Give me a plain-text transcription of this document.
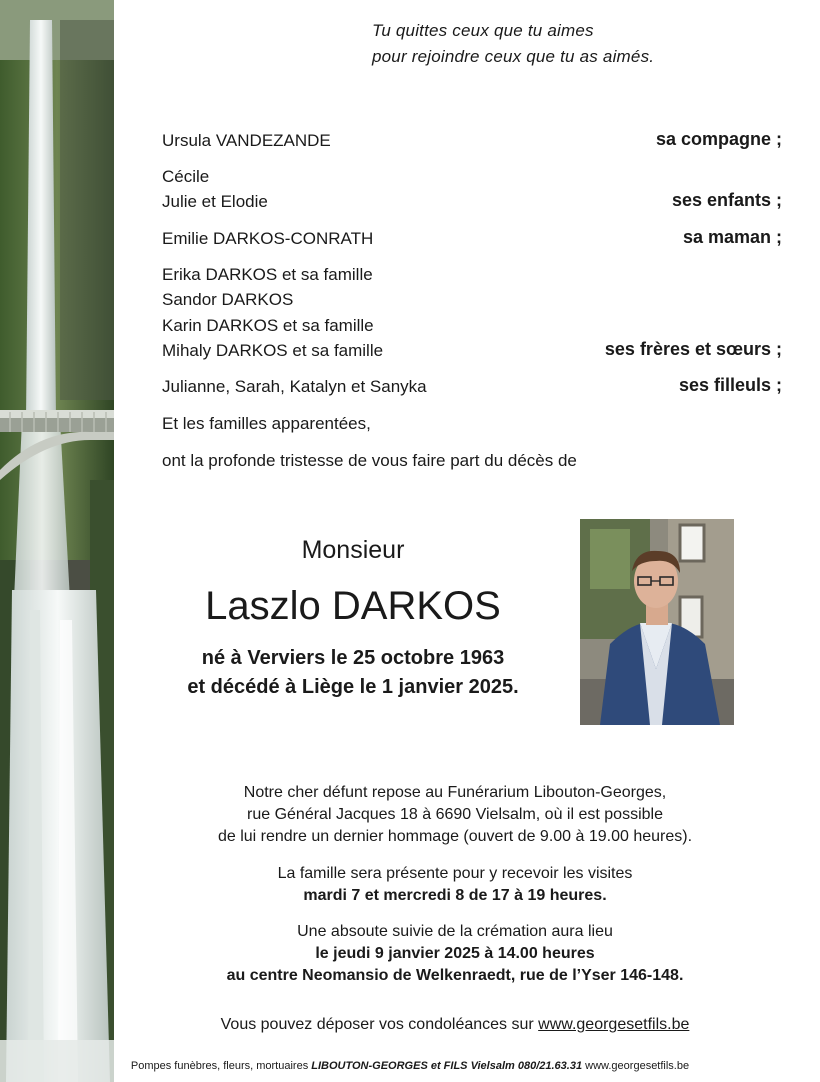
Tu quittes ceux que tu aimes
pour rejoindre ceux que tu as aimés.
Ursula VANDEZANDE	sa compagne ;
Cécile
Julie et Elodie	ses enfants ;
Emilie DARKOS-CONRATH	sa maman ;
Erika DARKOS et sa famille
Sandor DARKOS
Karin DARKOS et sa famille
Mihaly DARKOS et sa famille	ses frères et sœurs ;
Julianne, Sarah, Katalyn et Sanyka	ses filleuls ;
Et les familles apparentées,
ont la profonde tristesse de vous faire part du décès de
Monsieur
Laszlo DARKOS
né à Verviers le 25 octobre 1963
et décédé à Liège le 1 janvier 2025.
Notre cher défunt repose au Funérarium Libouton-Georges,
rue Général Jacques 18 à 6690 Vielsalm, où il est possible
de lui rendre un dernier hommage (ouvert de 9.00 à 19.00 heures).
La famille sera présente pour y recevoir les visites
mardi 7 et mercredi 8 de 17 à 19 heures.
Une absoute suivie de la crémation aura lieu
le jeudi 9 janvier 2025 à 14.00 heures
au centre Neomansio de Welkenraedt, rue de l’Yser 146-148.
Vous pouvez déposer vos condoléances sur www.georgesetfils.be
Pompes funèbres, fleurs, mortuaires LIBOUTON-GEORGES et FILS Vielsalm 080/21.63.31 www.georgesetfils.be
